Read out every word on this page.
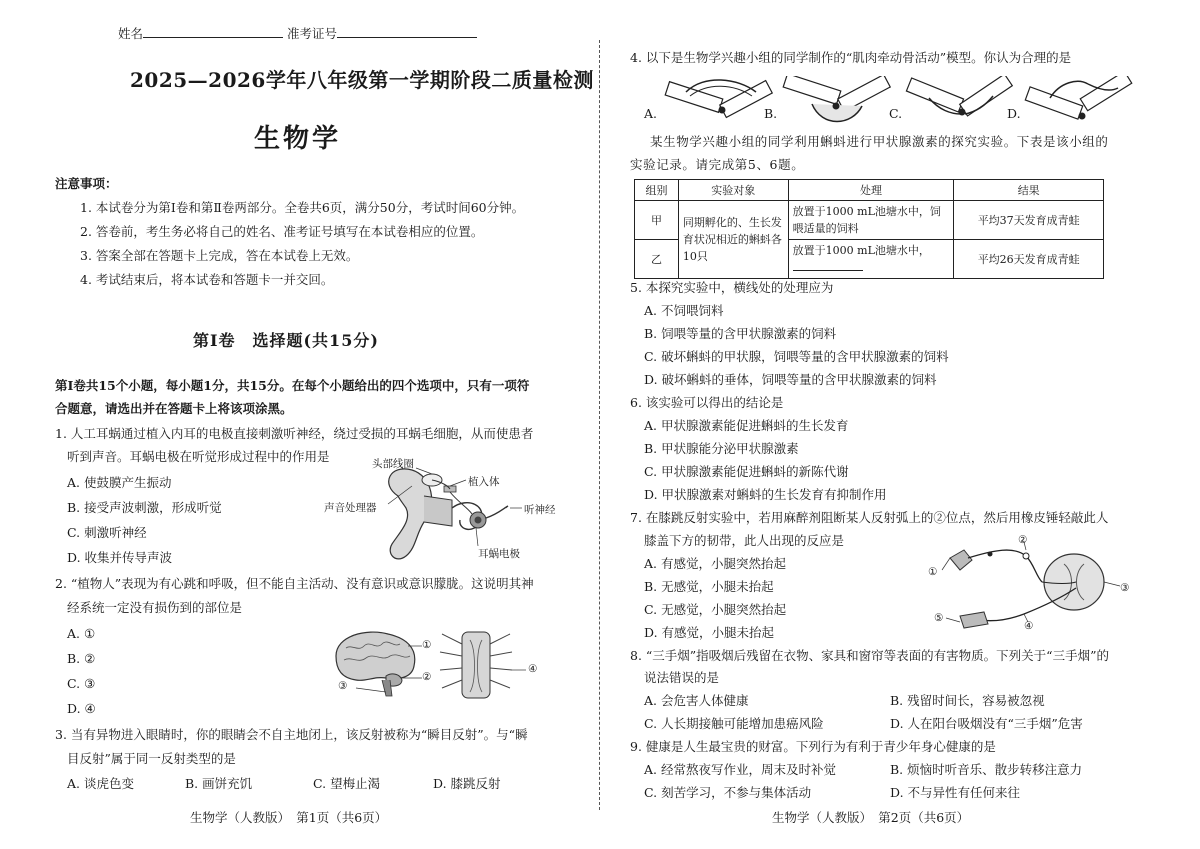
姓名	准考证号
2025—2026学年八年级第一学期阶段二质量检测
生物学
注意事项：
1. 本试卷分为第Ⅰ卷和第Ⅱ卷两部分。全卷共6页，满分50分，考试时间60分钟。
2. 答卷前，考生务必将自己的姓名、准考证号填写在本试卷相应的位置。
3. 答案全部在答题卡上完成，答在本试卷上无效。
4. 考试结束后，将本试卷和答题卡一并交回。
第Ⅰ卷　选择题(共15分)
第Ⅰ卷共15个小题，每小题1分，共15分。在每个小题给出的四个选项中，只有一项符
合题意，请选出并在答题卡上将该项涂黑。
1. 人工耳蜗通过植入内耳的电极直接刺激听神经，绕过受损的耳蜗毛细胞，从而使患者
听到声音。耳蜗电极在听觉形成过程中的作用是
A. 使鼓膜产生振动
B. 接受声波刺激，形成听觉
C. 刺激听神经
D. 收集并传导声波
头部线圈
植入体
声音处理器	听神经
耳蜗电极
2. “植物人”表现为有心跳和呼吸，但不能自主活动、没有意识或意识朦胧。这说明其神
经系统一定没有损伤到的部位是
A. ①
B. ②
C. ③
D. ④
①
②
③
④
3. 当有异物进入眼睛时，你的眼睛会不自主地闭上，该反射被称为“瞬目反射”。与“瞬
目反射”属于同一反射类型的是
A. 谈虎色变	B. 画饼充饥	C. 望梅止渴	D. 膝跳反射
生物学（人教版）　第1页（共6页）
4. 以下是生物学兴趣小组的同学制作的“肌肉牵动骨活动”模型。你认为合理的是
A.	B.	C.	D.
某生物学兴趣小组的同学利用蝌蚪进行甲状腺激素的探究实验。下表是该小组的
实验记录。请完成第5、6题。
组别	实验对象	处理	结果
甲	同期孵化的、生长发育状况相近的蝌蚪各10只	放置于1000 mL池塘水中，饲喂适量的饲料	平均37天发育成青蛙
乙		放置于1000 mL池塘水中，	平均26天发育成青蛙
5. 本探究实验中，横线处的处理应为
A. 不饲喂饲料
B. 饲喂等量的含甲状腺激素的饲料
C. 破坏蝌蚪的甲状腺，饲喂等量的含甲状腺激素的饲料
D. 破坏蝌蚪的垂体，饲喂等量的含甲状腺激素的饲料
6. 该实验可以得出的结论是
A. 甲状腺激素能促进蝌蚪的生长发育
B. 甲状腺能分泌甲状腺激素
C. 甲状腺激素能促进蝌蚪的新陈代谢
D. 甲状腺激素对蝌蚪的生长发育有抑制作用
7. 在膝跳反射实验中，若用麻醉剂阻断某人反射弧上的②位点，然后用橡皮锤轻敲此人
膝盖下方的韧带，此人出现的反应是
A. 有感觉，小腿突然抬起
B. 无感觉，小腿未抬起
C. 无感觉，小腿突然抬起
D. 有感觉，小腿未抬起
①
②
③
④
⑤
8. “三手烟”指吸烟后残留在衣物、家具和窗帘等表面的有害物质。下列关于“三手烟”的
说法错误的是
A. 会危害人体健康	B. 残留时间长，容易被忽视
C. 人长期接触可能增加患癌风险	D. 人在阳台吸烟没有“三手烟”危害
9. 健康是人生最宝贵的财富。下列行为有利于青少年身心健康的是
A. 经常熬夜写作业，周末及时补觉	B. 烦恼时听音乐、散步转移注意力
C. 刻苦学习，不参与集体活动	D. 不与异性有任何来往
生物学（人教版）　第2页（共6页）
